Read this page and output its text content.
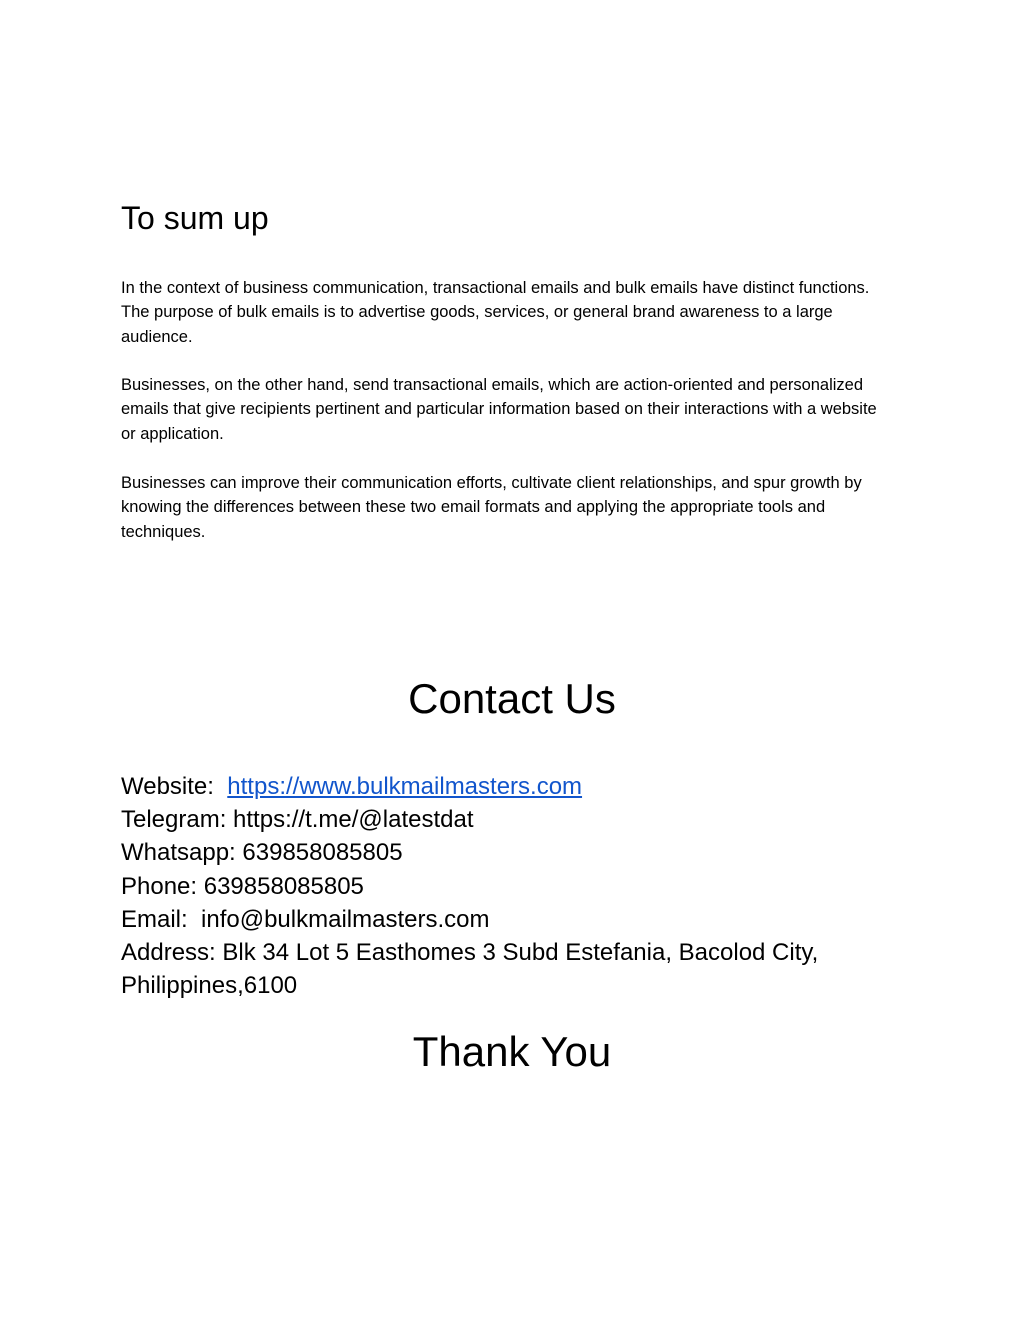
To sum up

In the context of business communication, transactional emails and bulk emails have distinct functions. The purpose of bulk emails is to advertise goods, services, or general brand awareness to a large audience.

Businesses, on the other hand, send transactional emails, which are action-oriented and personalized emails that give recipients pertinent and particular information based on their interactions with a website or application.

Businesses can improve their communication efforts, cultivate client relationships, and spur growth by knowing the differences between these two email formats and applying the appropriate tools and techniques.

Contact Us
Website: https://www.bulkmailmasters.com
Telegram: https://t.me/@latestdat
Whatsapp: 639858085805
Phone: 639858085805
Email:  info@bulkmailmasters.com
Address: Blk 34 Lot 5 Easthomes 3 Subd Estefania, Bacolod City, Philippines,6100
Thank You
